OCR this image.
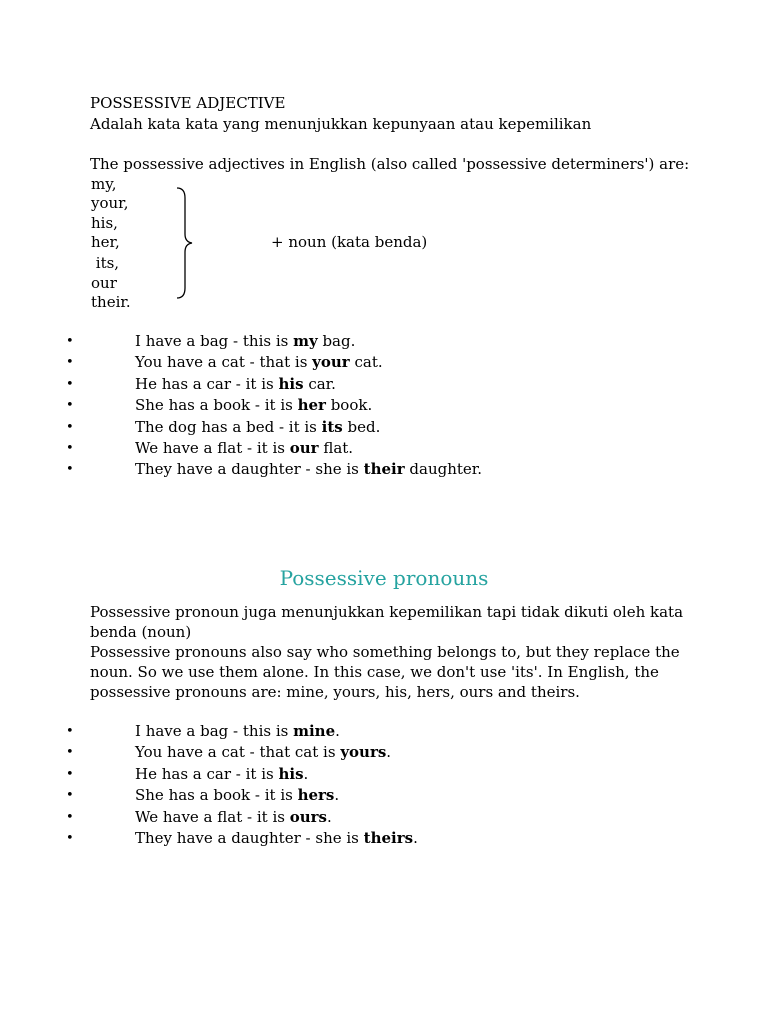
POSSESSIVE ADJECTIVE
Adalah kata kata yang menunjukkan kepunyaan atau kepemilikan
The possessive adjectives in English (also called 'possessive determiners') are:
my,
your,
his,
her,
its,
our
their.
+ noun (kata benda)
•	I have a bag - this is my bag.
•	You have a cat - that is your cat.
•	He has a car - it is his car.
•	She has a book - it is her book.
•	The dog has a bed - it is its bed.
•	We have a flat - it is our flat.
•	They have a daughter - she is their daughter.
Possessive pronouns
Possessive pronoun juga menunjukkan kepemilikan tapi tidak dikuti oleh kata
benda (noun)
Possessive pronouns also say who something belongs to, but they replace the
noun. So we use them alone. In this case, we don't use 'its'. In English, the
possessive pronouns are: mine, yours, his, hers, ours and theirs.
•	I have a bag - this is mine.
•	You have a cat - that cat is yours.
•	He has a car - it is his.
•	She has a book - it is hers.
•	We have a flat - it is ours.
•	They have a daughter - she is theirs.
